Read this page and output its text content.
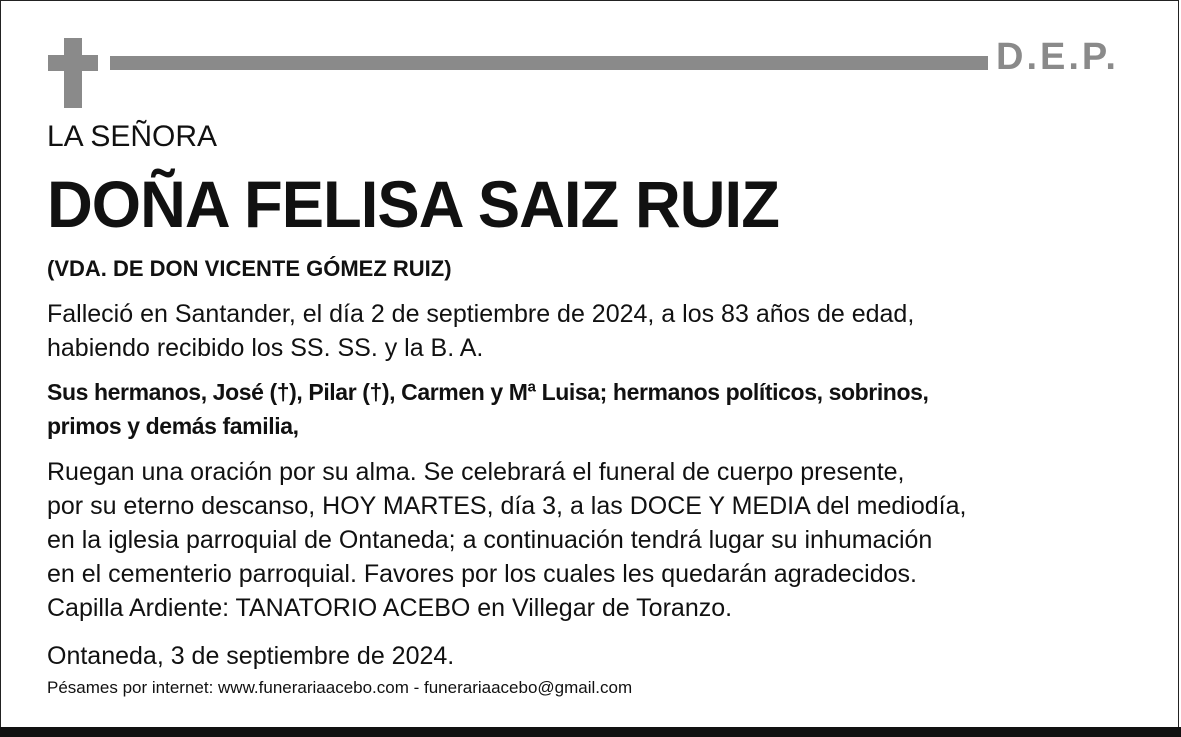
D.E.P.
LA SEÑORA
DOÑA FELISA SAIZ RUIZ
(VDA. DE DON VICENTE GÓMEZ RUIZ)
Falleció en Santander, el día 2 de septiembre de 2024, a los 83 años de edad,
habiendo recibido los SS. SS. y la B. A.
Sus hermanos, José (†), Pilar (†), Carmen y Mª Luisa; hermanos políticos, sobrinos,
primos y demás familia,
Ruegan una oración por su alma. Se celebrará el funeral de cuerpo presente,
por su eterno descanso, HOY MARTES, día 3, a las DOCE Y MEDIA del mediodía,
en la iglesia parroquial de Ontaneda; a continuación tendrá lugar su inhumación
en el cementerio parroquial. Favores por los cuales les quedarán agradecidos.
Capilla Ardiente: TANATORIO ACEBO en Villegar de Toranzo.
Ontaneda, 3 de septiembre de 2024.
Pésames por internet: www.funerariaacebo.com - funerariaacebo@gmail.com
